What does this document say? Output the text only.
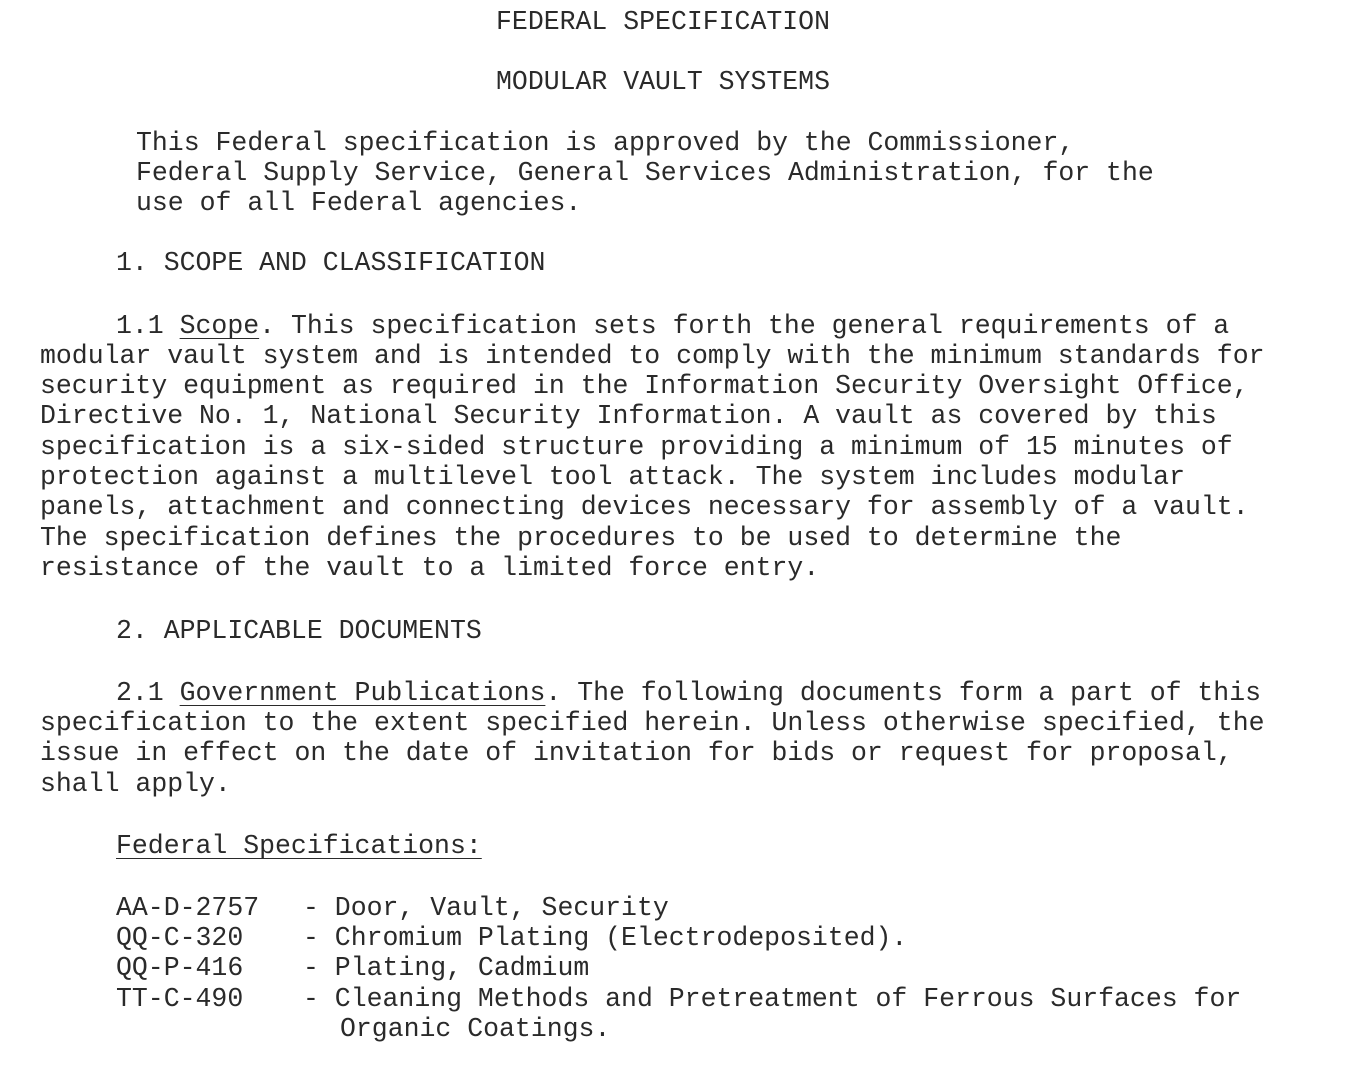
FEDERAL SPECIFICATION
MODULAR VAULT SYSTEMS
This Federal specification is approved by the Commissioner,
Federal Supply Service, General Services Administration, for the
use of all Federal agencies.
1. SCOPE AND CLASSIFICATION
1.1 Scope. This specification sets forth the general requirements of a
modular vault system and is intended to comply with the minimum standards for
security equipment as required in the Information Security Oversight Office,
Directive No. 1, National Security Information. A vault as covered by this
specification is a six-sided structure providing a minimum of 15 minutes of
protection against a multilevel tool attack. The system includes modular
panels, attachment and connecting devices necessary for assembly of a vault.
The specification defines the procedures to be used to determine the
resistance of the vault to a limited force entry.
2. APPLICABLE DOCUMENTS
2.1 Government Publications. The following documents form a part of this
specification to the extent specified herein. Unless otherwise specified, the
issue in effect on the date of invitation for bids or request for proposal,
shall apply.
Federal Specifications:
AA-D-2757 - Door, Vault, Security
QQ-C-320 - Chromium Plating (Electrodeposited).
QQ-P-416 - Plating, Cadmium
TT-C-490 - Cleaning Methods and Pretreatment of Ferrous Surfaces for
Organic Coatings.
